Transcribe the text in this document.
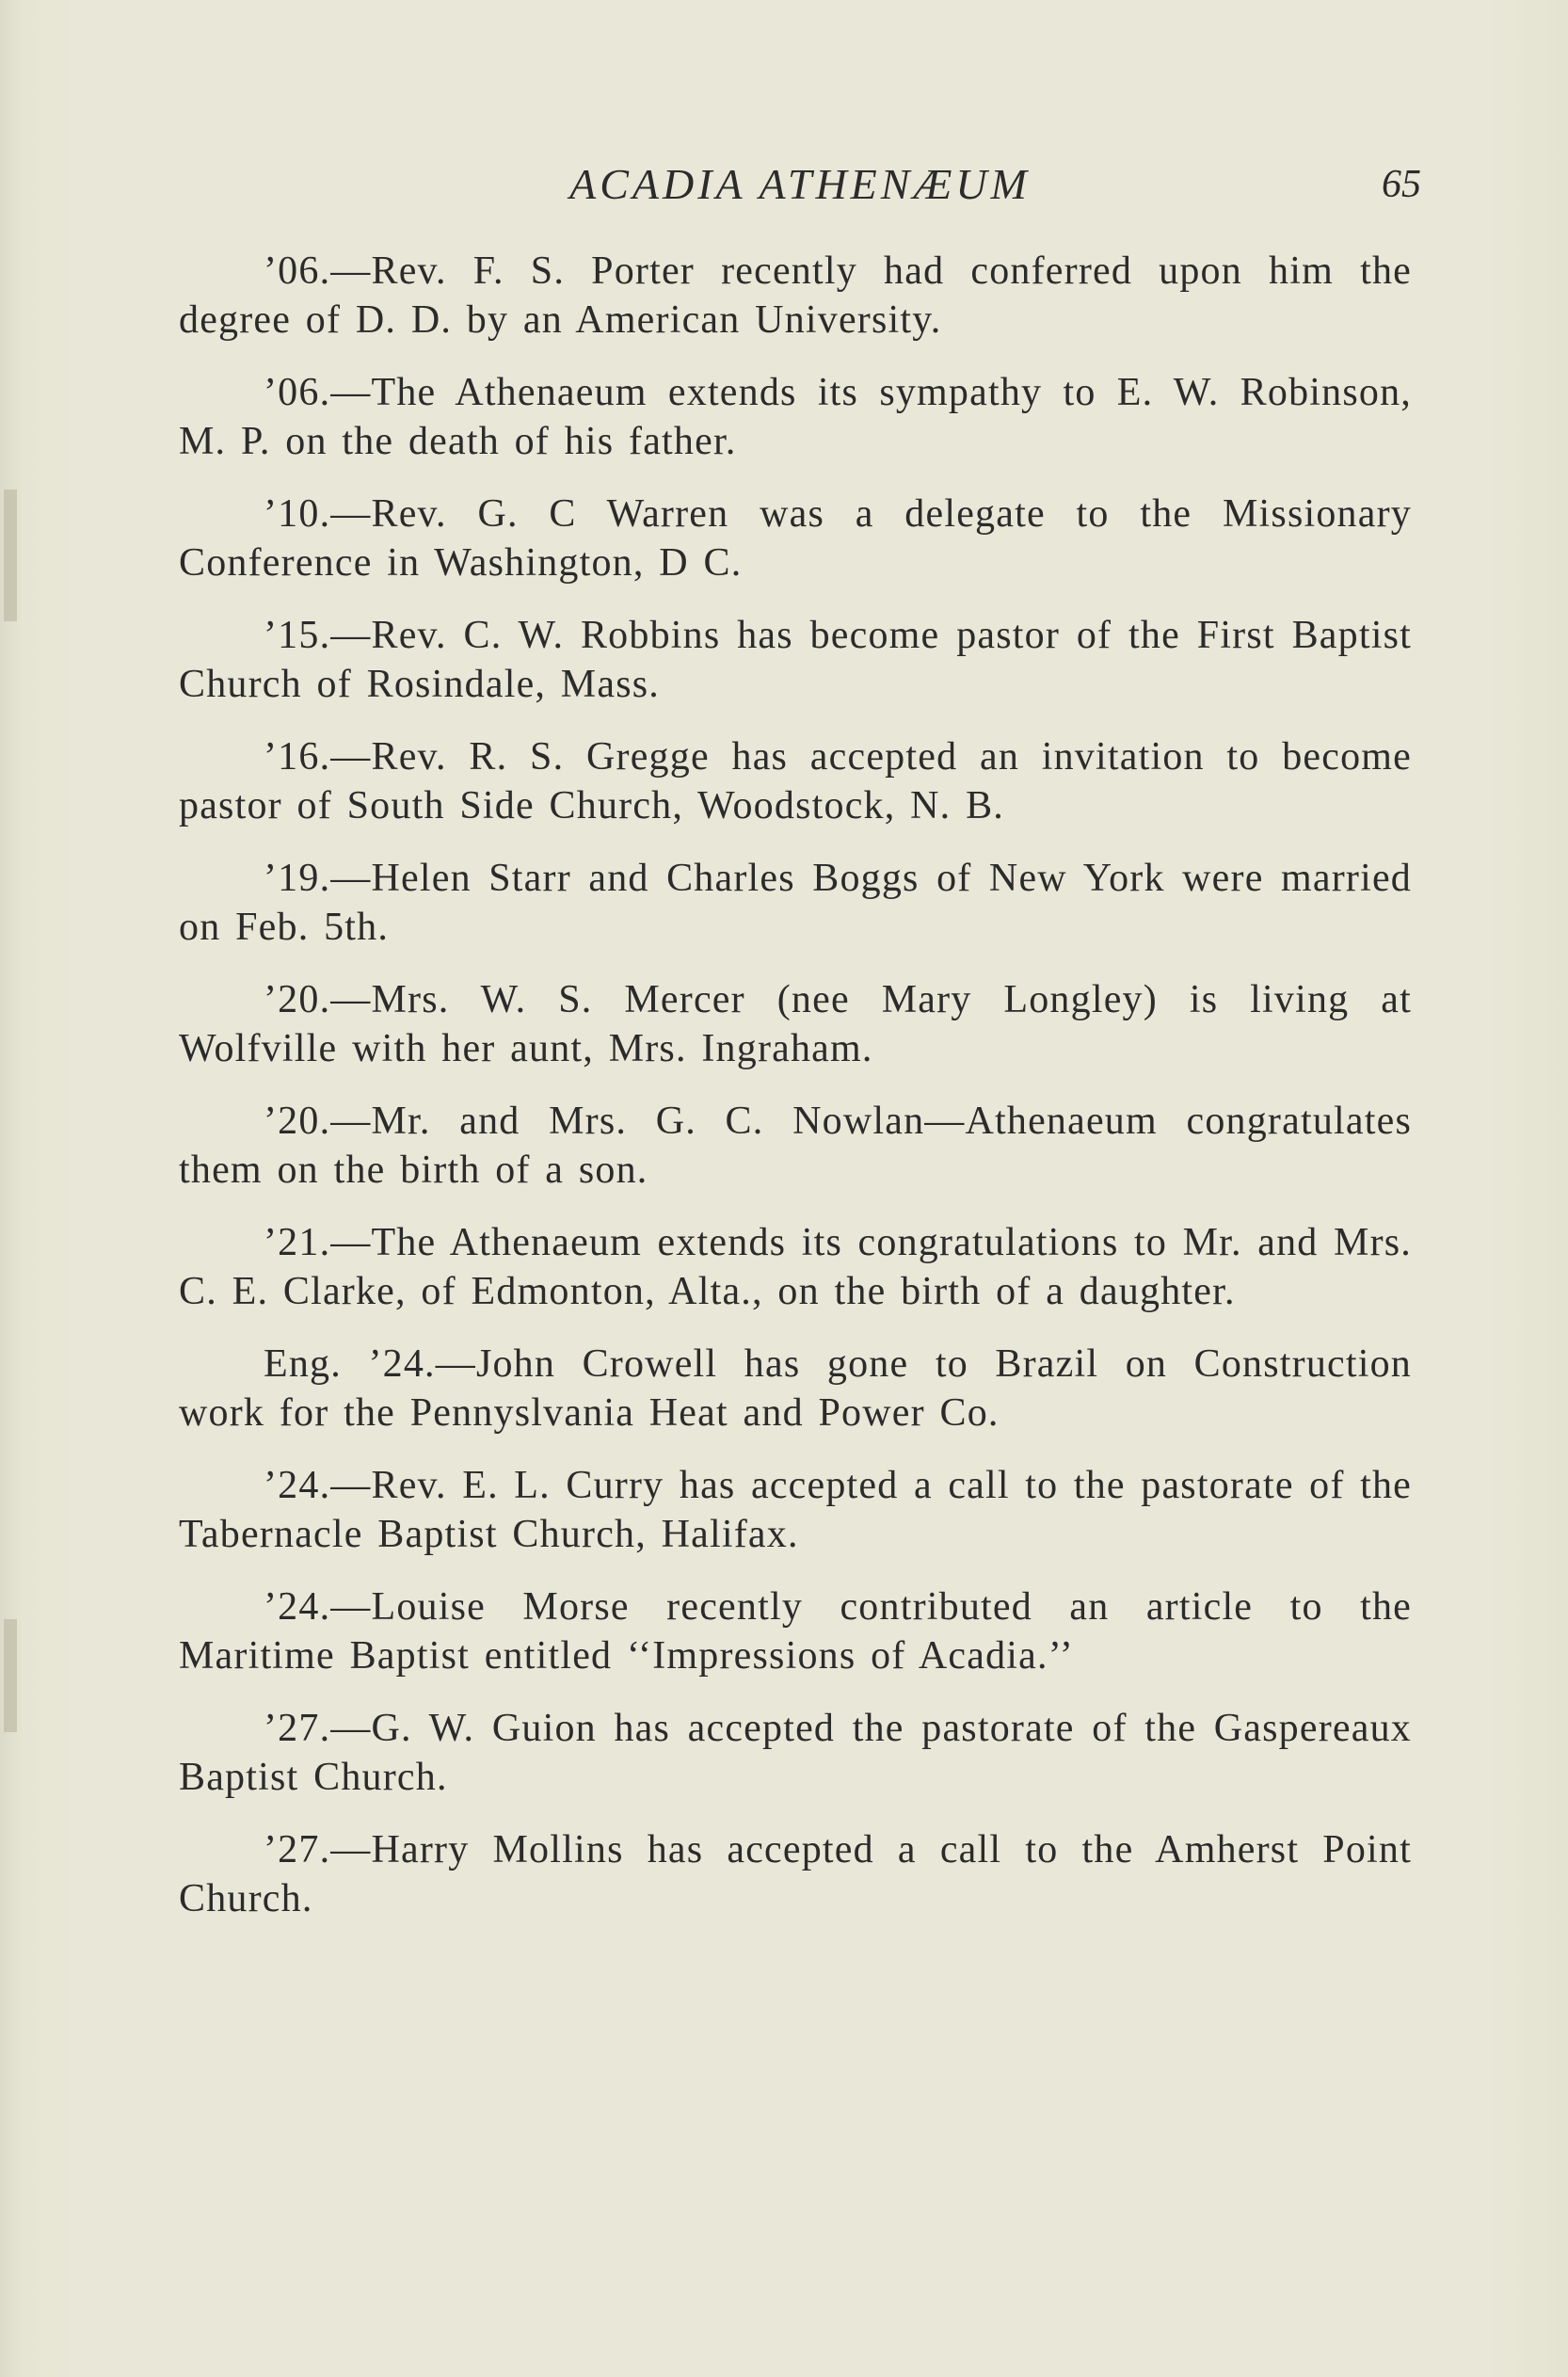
ACADIA ATHENÆUM	65

’06.—Rev. F. S. Porter recently had conferred upon him the degree of D. D. by an American University.

’06.—The Athenaeum extends its sympathy to E. W. Robinson, M. P. on the death of his father.

’10.—Rev. G. C Warren was a delegate to the Missionary Conference in Washington, D C.

’15.—Rev. C. W. Robbins has become pastor of the First Baptist Church of Rosindale, Mass.

’16.—Rev. R. S. Gregge has accepted an invitation to become pastor of South Side Church, Woodstock, N. B.

’19.—Helen Starr and Charles Boggs of New York were married on Feb. 5th.

’20.—Mrs. W. S. Mercer (nee Mary Longley) is living at Wolfville with her aunt, Mrs. Ingraham.

’20.—Mr. and Mrs. G. C. Nowlan—Athenaeum congratulates them on the birth of a son.

’21.—The Athenaeum extends its congratulations to Mr. and Mrs. C. E. Clarke, of Edmonton, Alta., on the birth of a daughter.

Eng. ’24.—John Crowell has gone to Brazil on Construction work for the Pennyslvania Heat and Power Co.

’24.—Rev. E. L. Curry has accepted a call to the pastorate of the Tabernacle Baptist Church, Halifax.

’24.—Louise Morse recently contributed an article to the Maritime Baptist entitled ‘‘Impressions of Acadia.’’

’27.—G. W. Guion has accepted the pastorate of the Gaspereaux Baptist Church.

’27.—Harry Mollins has accepted a call to the Amherst Point Church.
